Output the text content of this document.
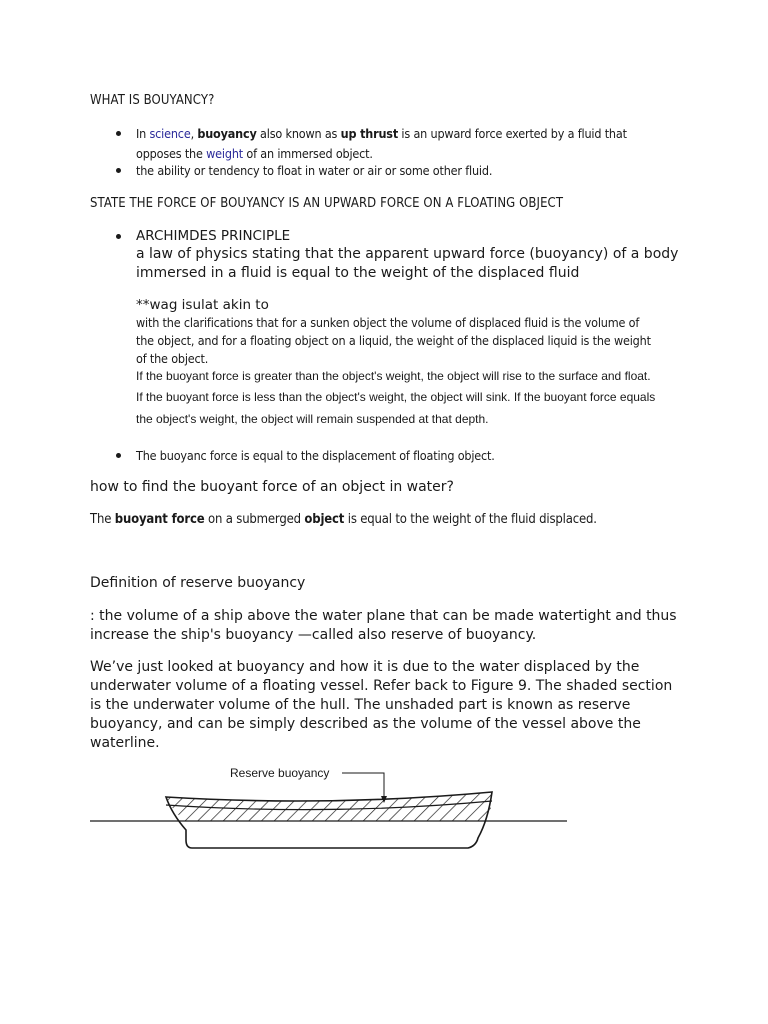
WHAT IS BOUYANCY?
In science, buoyancy also known as up thrust is an upward force exerted by a fluid that
opposes the weight of an immersed object.
the ability or tendency to float in water or air or some other fluid.
STATE THE FORCE OF BOUYANCY IS AN UPWARD FORCE ON A FLOATING OBJECT
ARCHIMDES PRINCIPLE
a law of physics stating that the apparent upward force (buoyancy) of a body
immersed in a fluid is equal to the weight of the displaced fluid
**wag isulat akin to
with the clarifications that for a sunken object the volume of displaced fluid is the volume of
the object, and for a floating object on a liquid, the weight of the displaced liquid is the weight
of the object.
If the buoyant force is greater than the object's weight, the object will rise to the surface and float.
If the buoyant force is less than the object's weight, the object will sink. If the buoyant force equals
the object's weight, the object will remain suspended at that depth.
The buoyanc force is equal to the displacement of floating object.
how to find the buoyant force of an object in water?
The buoyant force on a submerged object is equal to the weight of the fluid displaced.
Definition of reserve buoyancy
: the volume of a ship above the water plane that can be made watertight and thus
increase the ship's buoyancy —called also reserve of buoyancy.
We’ve just looked at buoyancy and how it is due to the water displaced by the
underwater volume of a floating vessel. Refer back to Figure 9. The shaded section
is the underwater volume of the hull. The unshaded part is known as reserve
buoyancy, and can be simply described as the volume of the vessel above the
waterline.
Reserve buoyancy
